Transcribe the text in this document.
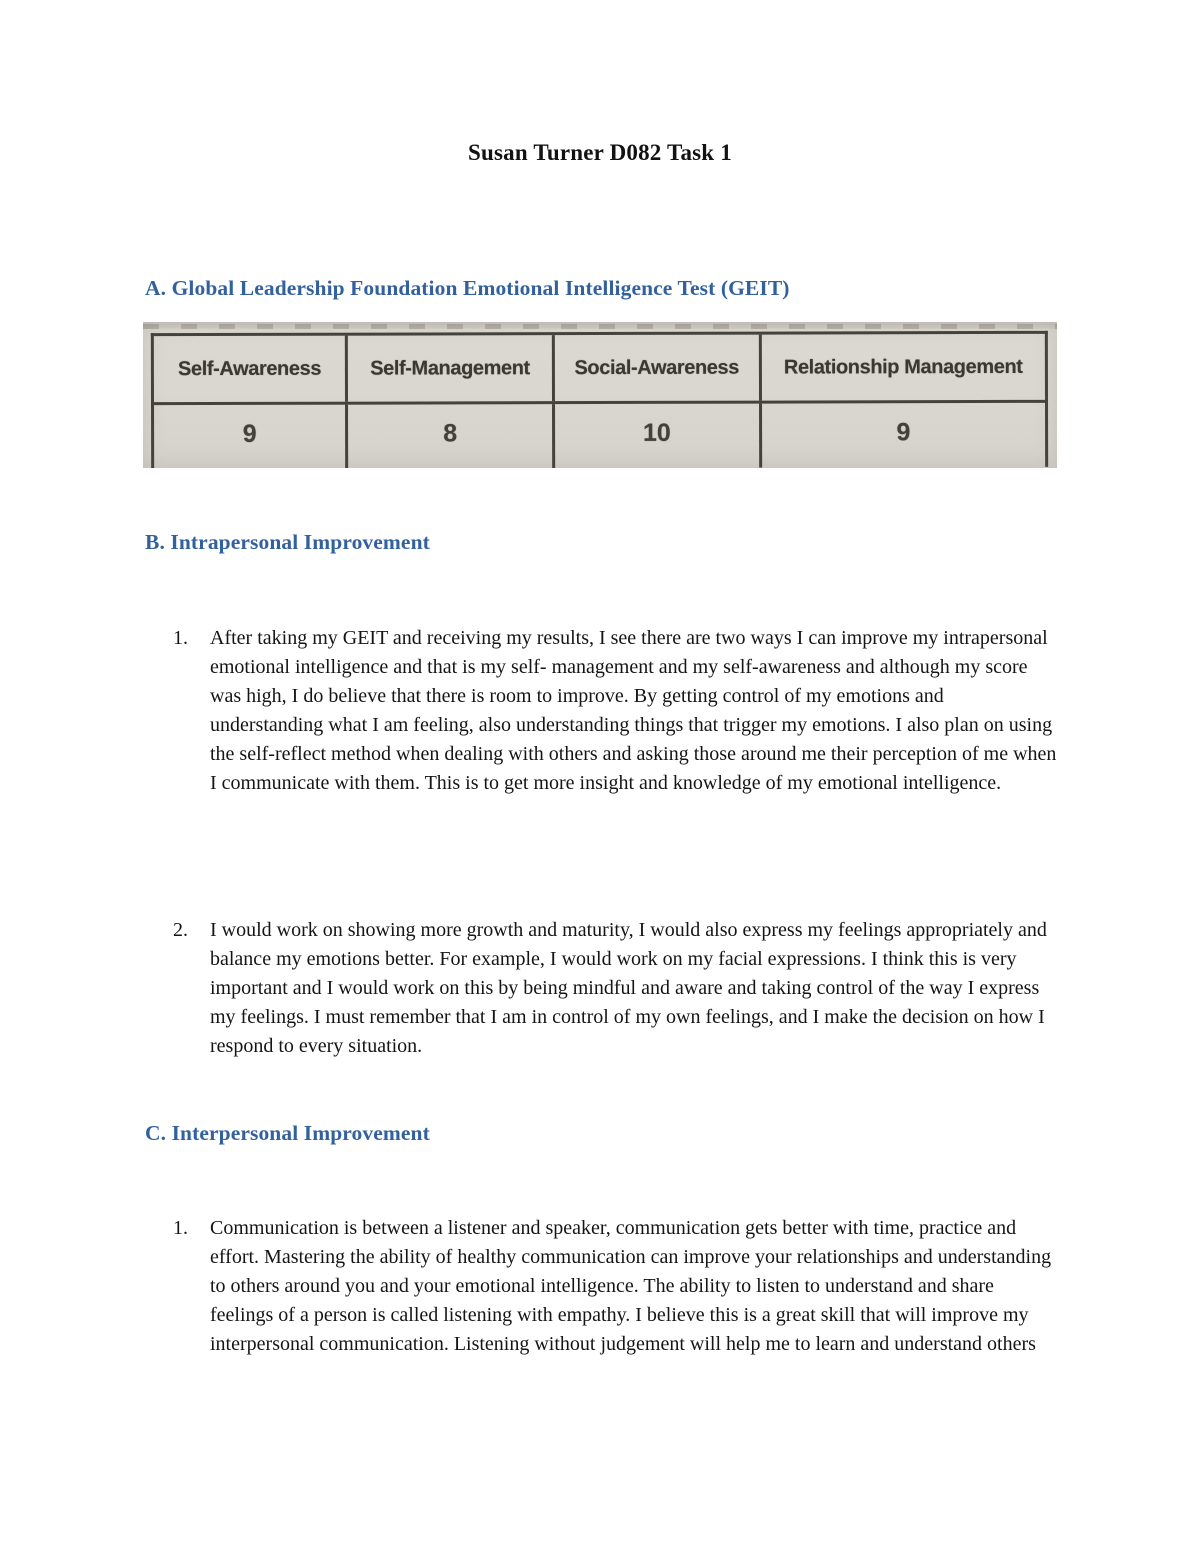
Susan Turner D082 Task 1
A. Global Leadership Foundation Emotional Intelligence Test (GEIT)
Self-Awareness	Self-Management	Social-Awareness	Relationship Management
9	8	10	9
B. Intrapersonal Improvement
1.	After taking my GEIT and receiving my results, I see there are two ways I can improve my intrapersonal emotional intelligence and that is my self- management and my self-awareness and although my score was high, I do believe that there is room to improve. By getting control of my emotions and understanding what I am feeling, also understanding things that trigger my emotions. I also plan on using the self-reflect method when dealing with others and asking those around me their perception of me when I communicate with them. This is to get more insight and knowledge of my emotional intelligence.

2.	I would work on showing more growth and maturity, I would also express my feelings appropriately and balance my emotions better. For example, I would work on my facial expressions. I think this is very important and I would work on this by being mindful and aware and taking control of the way I express my feelings. I must remember that I am in control of my own feelings, and I make the decision on how I respond to every situation.

C. Interpersonal Improvement
1.	Communication is between a listener and speaker, communication gets better with time, practice and effort. Mastering the ability of healthy communication can improve your relationships and understanding to others around you and your emotional intelligence. The ability to listen to understand and share feelings of a person is called listening with empathy. I believe this is a great skill that will improve my interpersonal communication. Listening without judgement will help me to learn and understand others
